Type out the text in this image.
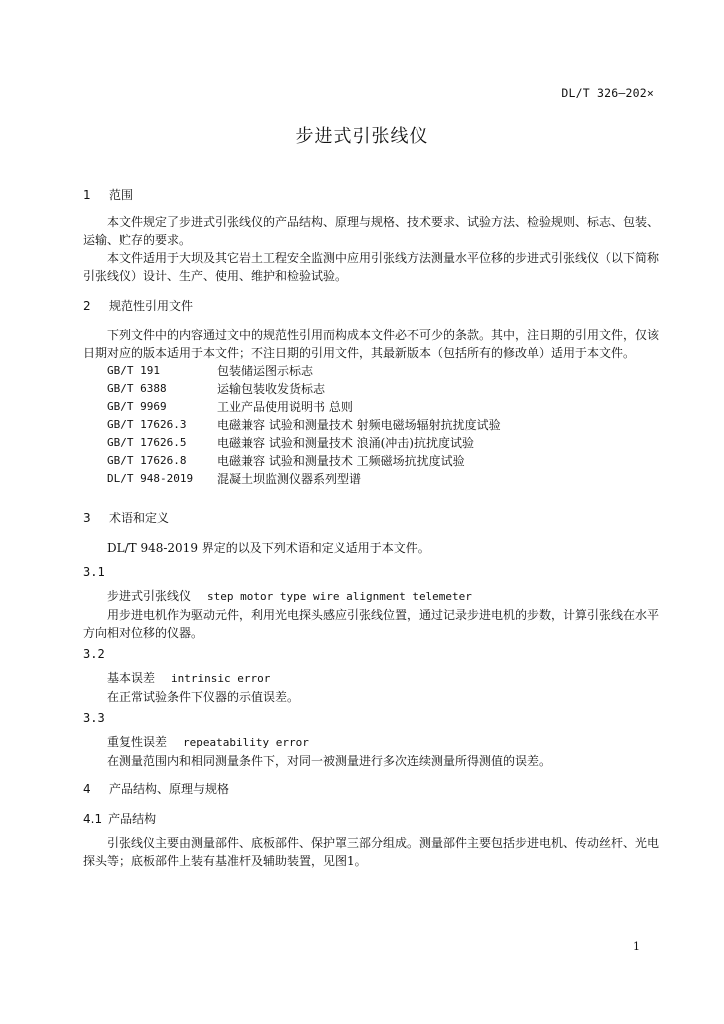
DL/T 326—202×
步进式引张线仪
1 范围
本文件规定了步进式引张线仪的产品结构、原理与规格、技术要求、试验方法、检验规则、标志、包装、运输、贮存的要求。
本文件适用于大坝及其它岩土工程安全监测中应用引张线方法测量水平位移的步进式引张线仪（以下简称引张线仪）设计、生产、使用、维护和检验试验。
2 规范性引用文件
下列文件中的内容通过文中的规范性引用而构成本文件必不可少的条款。其中，注日期的引用文件，仅该日期对应的版本适用于本文件；不注日期的引用文件，其最新版本（包括所有的修改单）适用于本文件。
GB/T 191	包装储运图示标志
GB/T 6388	运输包装收发货标志
GB/T 9969	工业产品使用说明书 总则
GB/T 17626.3	电磁兼容 试验和测量技术 射频电磁场辐射抗扰度试验
GB/T 17626.5	电磁兼容 试验和测量技术 浪涌(冲击)抗扰度试验
GB/T 17626.8	电磁兼容 试验和测量技术 工频磁场抗扰度试验
DL/T 948-2019	混凝土坝监测仪器系列型谱
3 术语和定义
DL/T 948-2019 界定的以及下列术语和定义适用于本文件。
3.1
步进式引张线仪 step motor type wire alignment telemeter
用步进电机作为驱动元件，利用光电探头感应引张线位置，通过记录步进电机的步数，计算引张线在水平方向相对位移的仪器。
3.2
基本误差 intrinsic error
在正常试验条件下仪器的示值误差。
3.3
重复性误差 repeatability error
在测量范围内和相同测量条件下，对同一被测量进行多次连续测量所得测值的误差。
4 产品结构、原理与规格
4.1 产品结构
引张线仪主要由测量部件、底板部件、保护罩三部分组成。测量部件主要包括步进电机、传动丝杆、光电探头等；底板部件上装有基准杆及辅助装置，见图1。
1
